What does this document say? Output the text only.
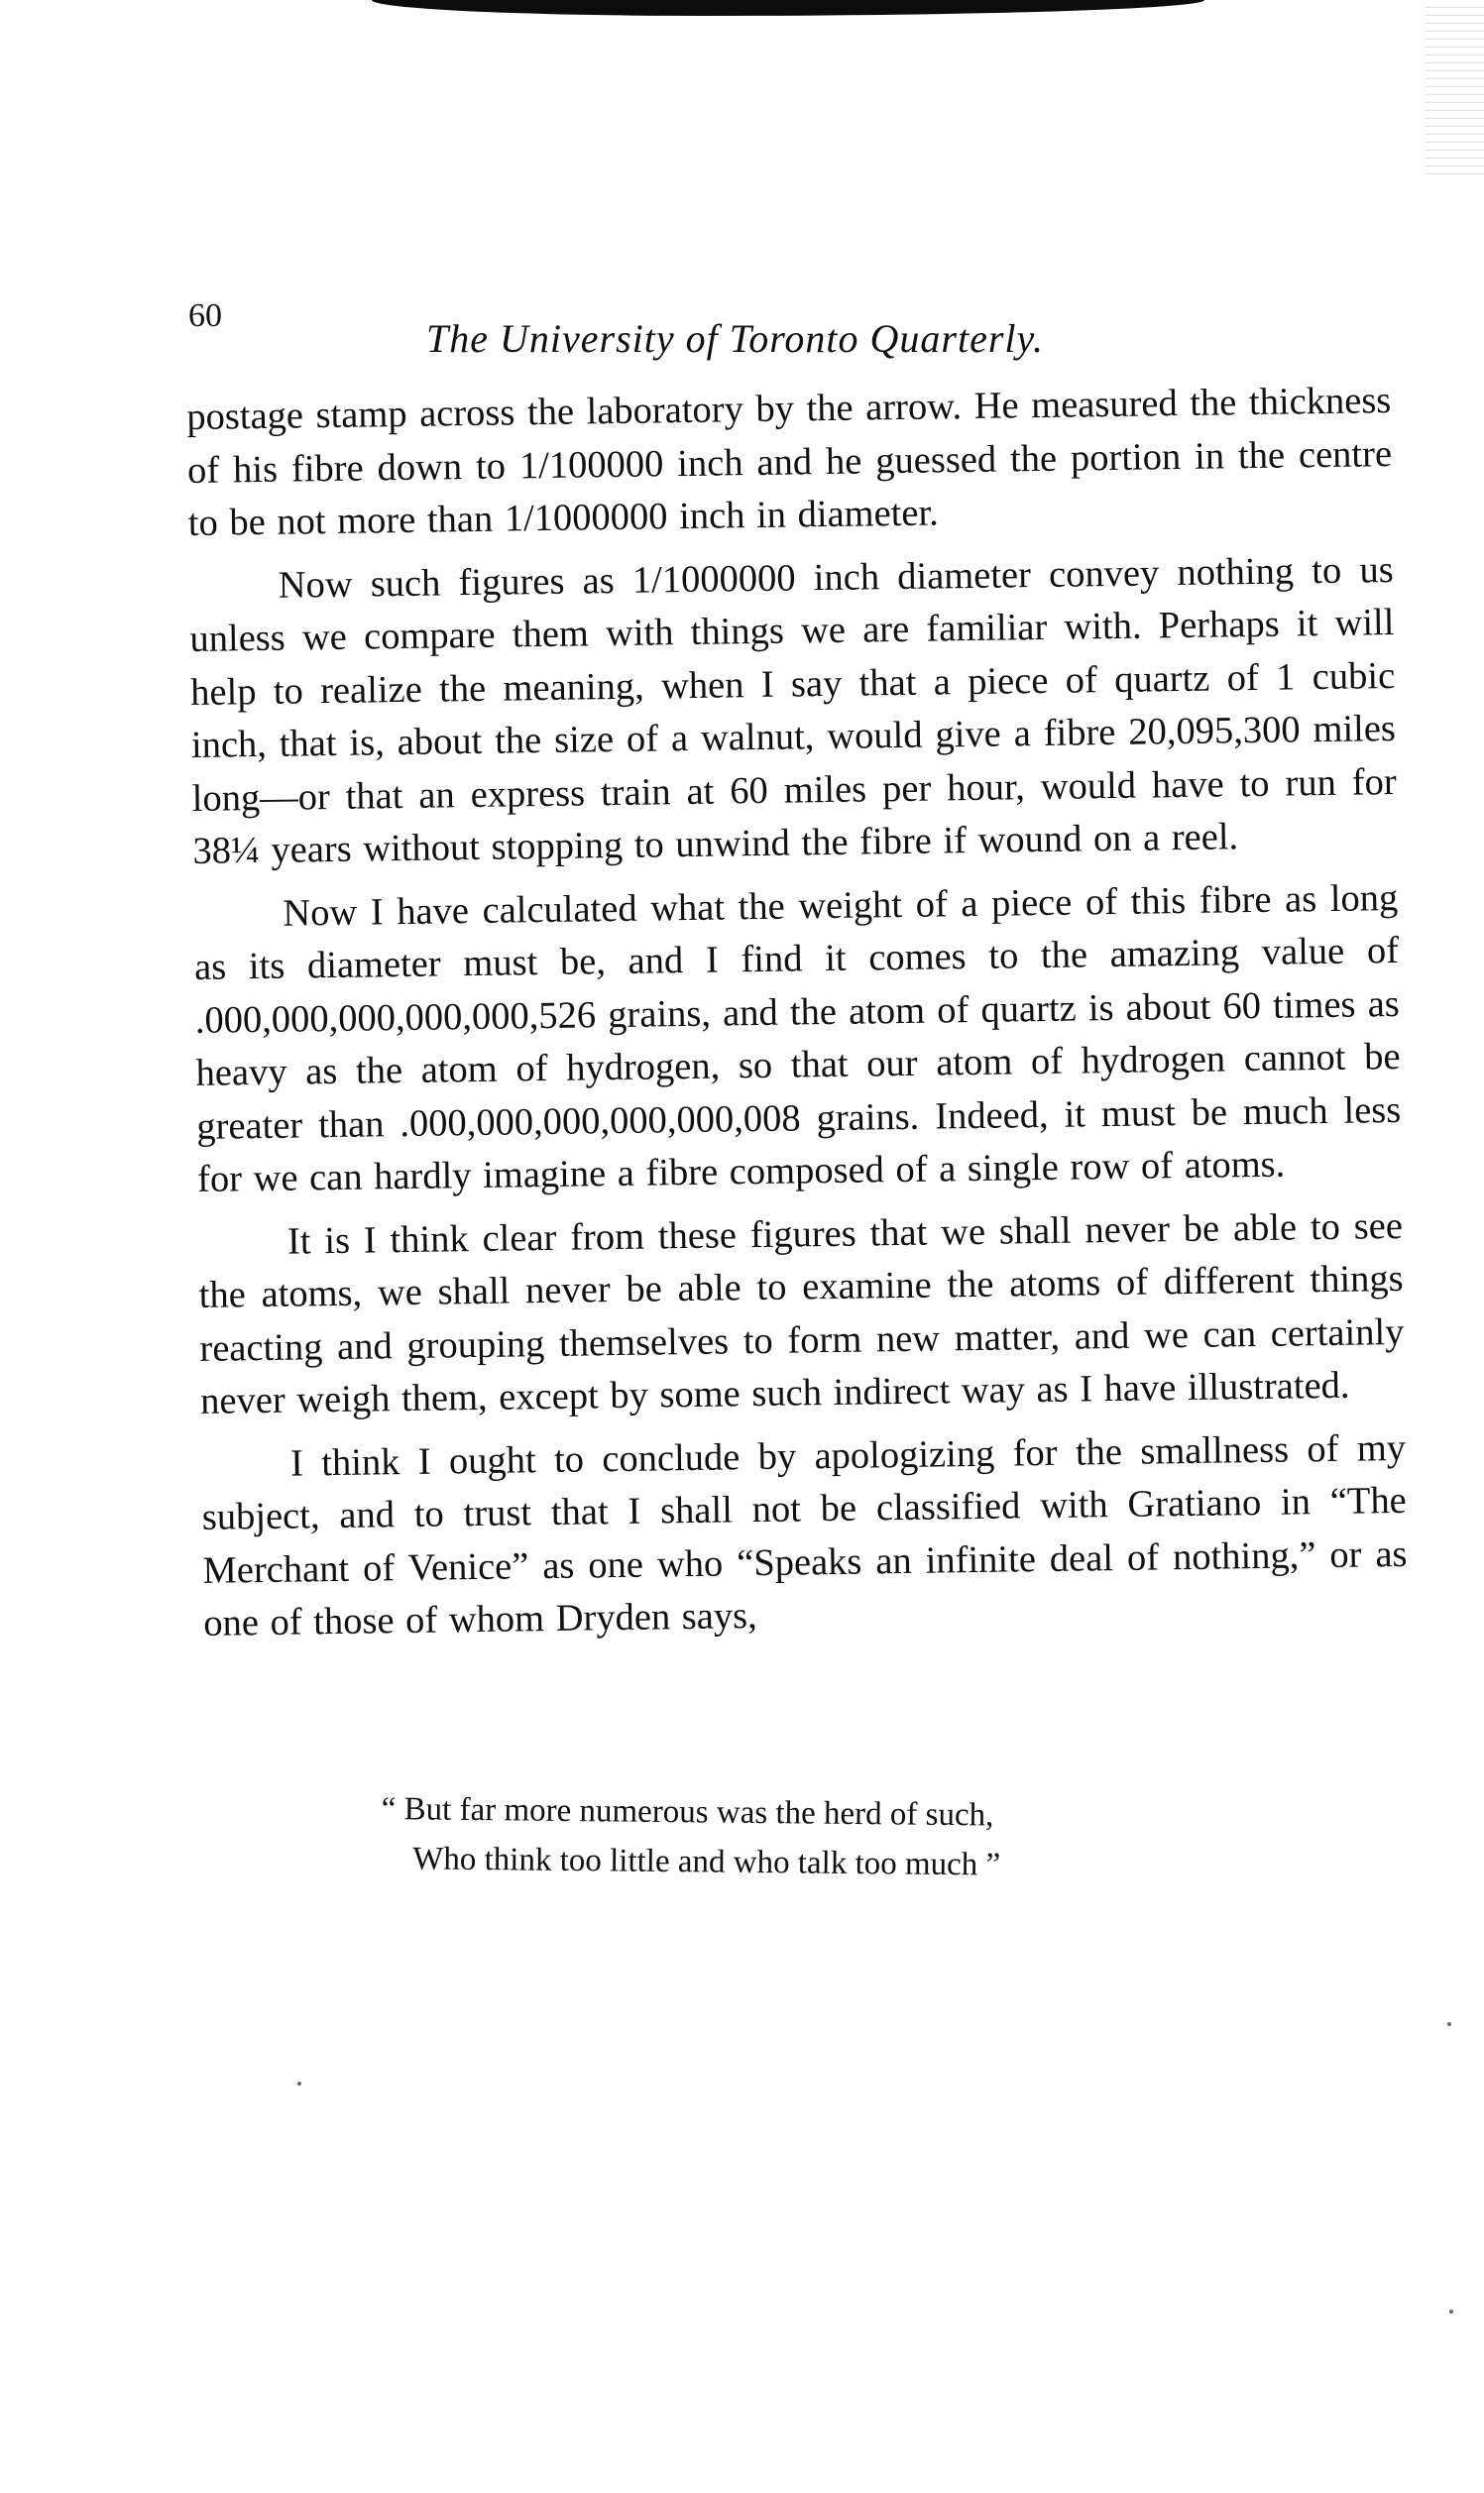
60
The University of Toronto Quarterly.

postage stamp across the laboratory by the arrow. He measured the thickness of his fibre down to 1/100000 inch and he guessed the portion in the centre to be not more than 1/1000000 inch in diameter.

Now such figures as 1/1000000 inch diameter convey nothing to us unless we compare them with things we are familiar with. Perhaps it will help to realize the meaning, when I say that a piece of quartz of 1 cubic inch, that is, about the size of a walnut, would give a fibre 20,095,300 miles long—or that an express train at 60 miles per hour, would have to run for 38¼ years without stopping to unwind the fibre if wound on a reel.

Now I have calculated what the weight of a piece of this fibre as long as its diameter must be, and I find it comes to the amazing value of .000,000,000,000,000,526 grains, and the atom of quartz is about 60 times as heavy as the atom of hydrogen, so that our atom of hydrogen cannot be greater than .000,000,000,000,000,008 grains. Indeed, it must be much less for we can hardly imagine a fibre composed of a single row of atoms.

It is I think clear from these figures that we shall never be able to see the atoms, we shall never be able to examine the atoms of different things reacting and grouping themselves to form new matter, and we can certainly never weigh them, except by some such indirect way as I have illustrated.

I think I ought to conclude by apologizing for the smallness of my subject, and to trust that I shall not be classified with Gratiano in “The Merchant of Venice” as one who “Speaks an infinite deal of nothing,” or as one of those of whom Dryden says,

“ But far more numerous was the herd of such,

Who think too little and who talk too much ”
